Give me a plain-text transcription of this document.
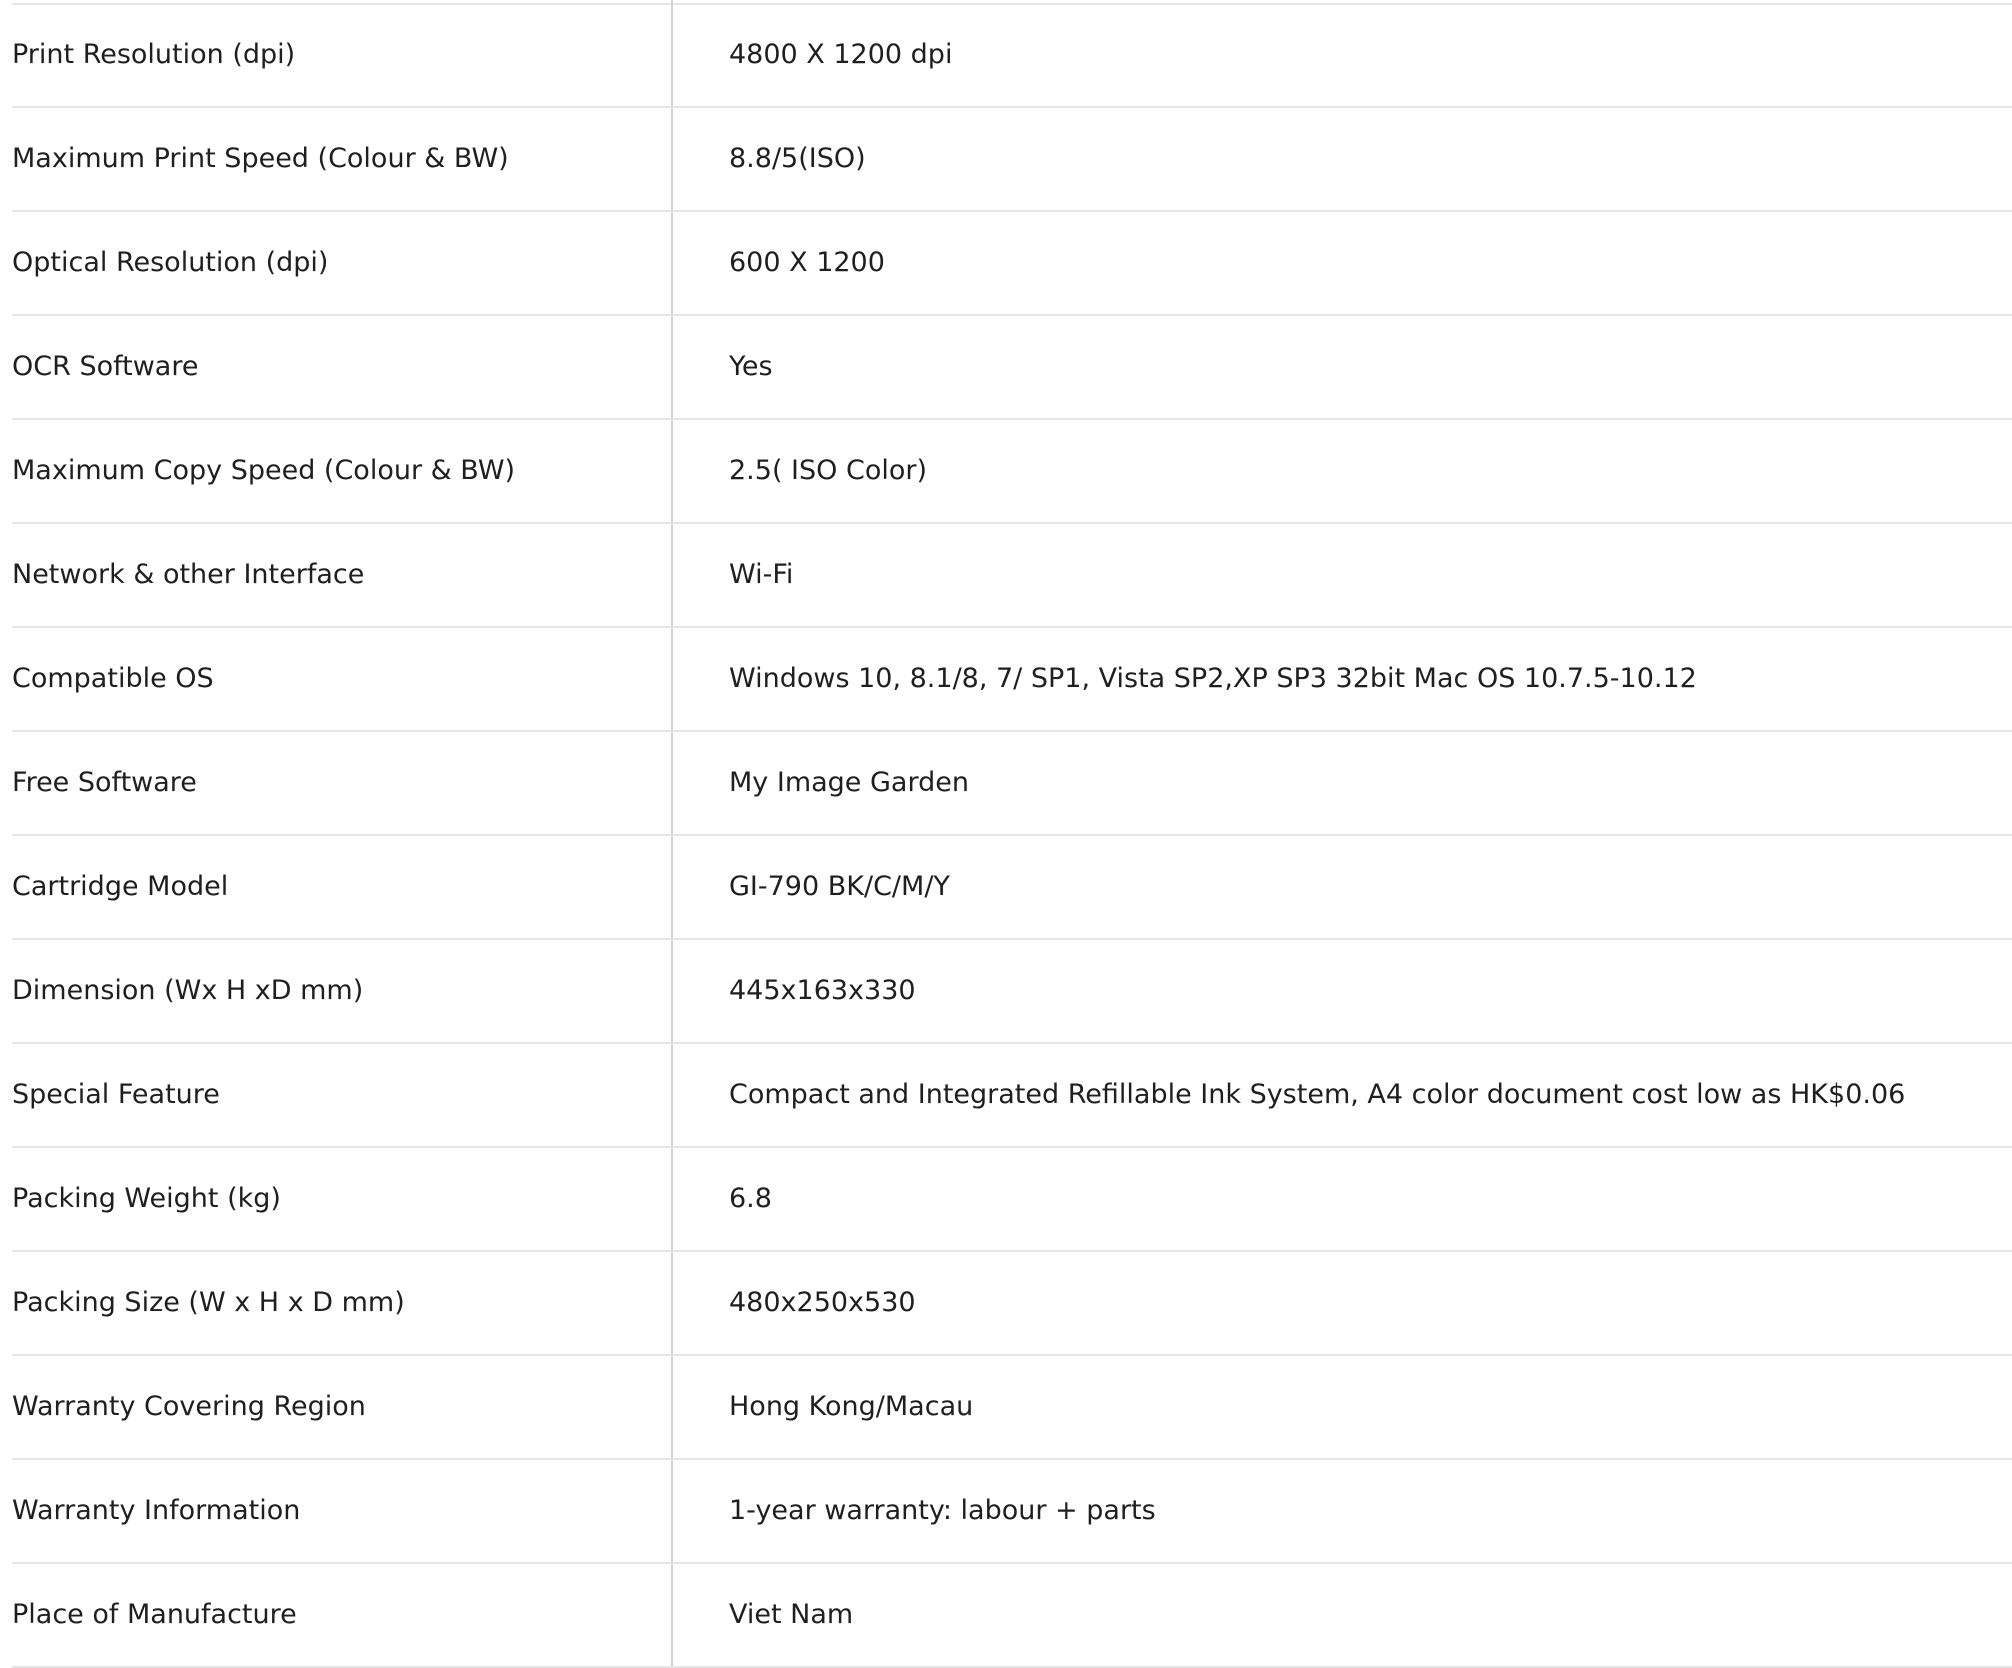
Print Resolution (dpi)	4800 X 1200 dpi
Maximum Print Speed (Colour & BW)	8.8/5(ISO)
Optical Resolution (dpi)	600 X 1200
OCR Software	Yes
Maximum Copy Speed (Colour & BW)	2.5( ISO Color)
Network & other Interface	Wi-Fi
Compatible OS	Windows 10, 8.1/8, 7/ SP1, Vista SP2,XP SP3 32bit Mac OS 10.7.5-10.12
Free Software	My Image Garden
Cartridge Model	GI-790 BK/C/M/Y
Dimension (Wx H xD mm)	445x163x330
Special Feature	Compact and Integrated Refillable Ink System, A4 color document cost low as HK$0.06
Packing Weight (kg)	6.8
Packing Size (W x H x D mm)	480x250x530
Warranty Covering Region	Hong Kong/Macau
Warranty Information	1-year warranty: labour + parts
Place of Manufacture	Viet Nam
